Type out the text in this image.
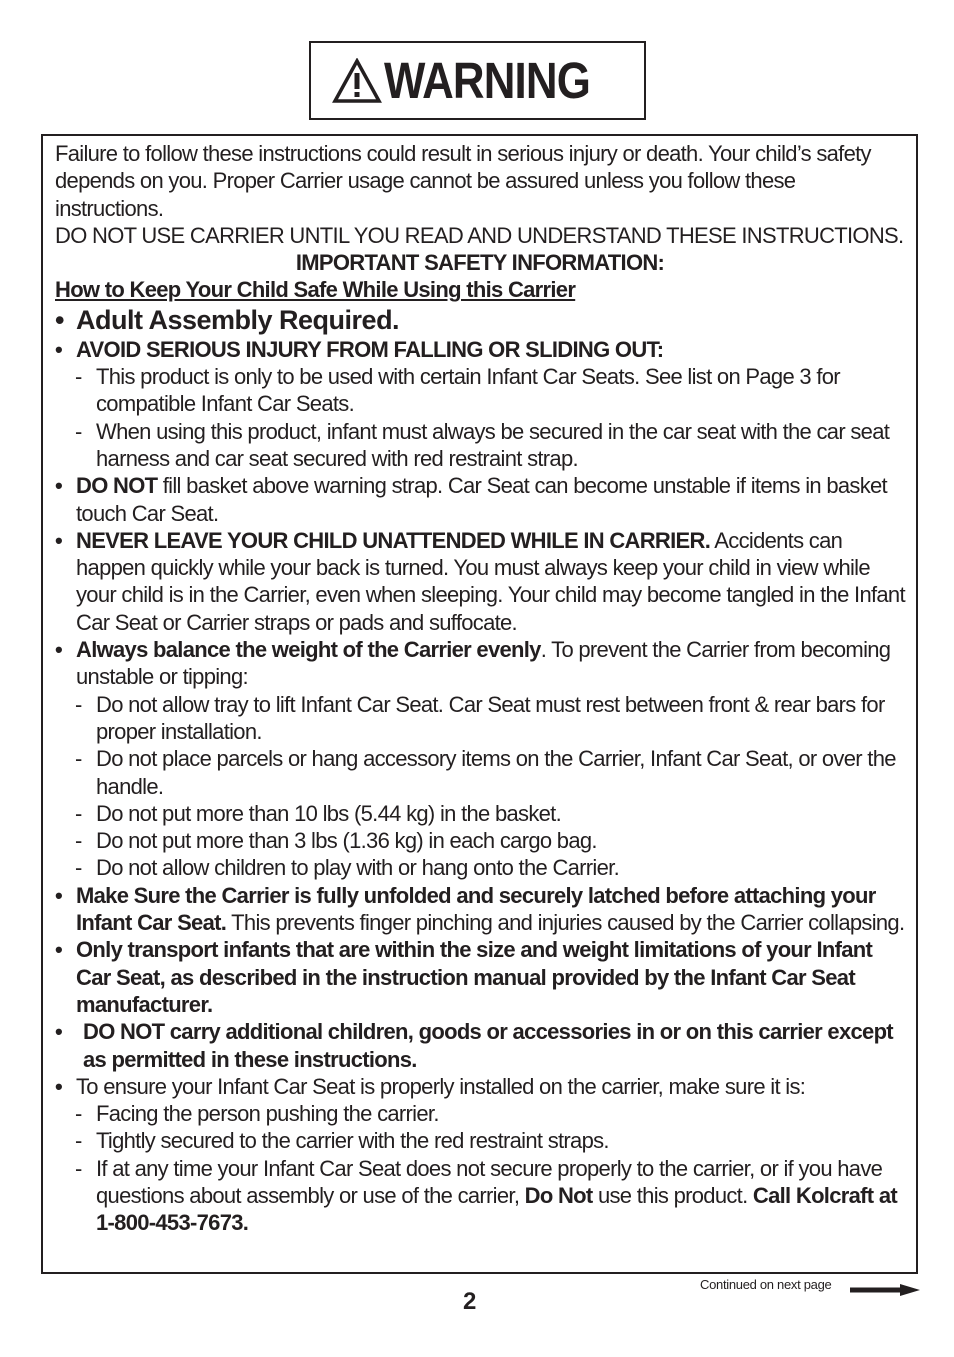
WARNING

Failure to follow these instructions could result in serious injury or death. Your child’s safety depends on you. Proper Carrier usage cannot be assured unless you follow these instructions.

DO NOT USE CARRIER UNTIL YOU READ AND UNDERSTAND THESE INSTRUCTIONS.

IMPORTANT SAFETY INFORMATION:

How to Keep Your Child Safe While Using this Carrier

• Adult Assembly Required.

• AVOID SERIOUS INJURY FROM FALLING OR SLIDING OUT:

- This product is only to be used with certain Infant Car Seats. See list on Page 3 for compatible Infant Car Seats.

- When using this product, infant must always be secured in the car seat with the car seat harness and car seat secured with red restraint strap.

• DO NOT fill basket above warning strap. Car Seat can become unstable if items in basket touch Car Seat.

• NEVER LEAVE YOUR CHILD UNATTENDED WHILE IN CARRIER. Accidents can happen quickly while your back is turned. You must always keep your child in view while your child is in the Carrier, even when sleeping. Your child may become tangled in the Infant Car Seat or Carrier straps or pads and suffocate.

• Always balance the weight of the Carrier evenly. To prevent the Carrier from becoming unstable or tipping:

- Do not allow tray to lift Infant Car Seat. Car Seat must rest between front & rear bars for proper installation.

- Do not place parcels or hang accessory items on the Carrier, Infant Car Seat, or over the handle.

- Do not put more than 10 lbs (5.44 kg) in the basket.

- Do not put more than 3 lbs (1.36 kg) in each cargo bag.

- Do not allow children to play with or hang onto the Carrier.

• Make Sure the Carrier is fully unfolded and securely latched before attaching your Infant Car Seat. This prevents finger pinching and injuries caused by the Carrier collapsing.

• Only transport infants that are within the size and weight limitations of your Infant Car Seat, as described in the instruction manual provided by the Infant Car Seat manufacturer.

• DO NOT carry additional children, goods or accessories in or on this carrier except as permitted in these instructions.

• To ensure your Infant Car Seat is properly installed on the carrier, make sure it is:

- Facing the person pushing the carrier.

- Tightly secured to the carrier with the red restraint straps.

- If at any time your Infant Car Seat does not secure properly to the carrier, or if you have questions about assembly or use of the carrier, Do Not use this product. Call Kolcraft at 1-800-453-7673.

2
Continued on next page
